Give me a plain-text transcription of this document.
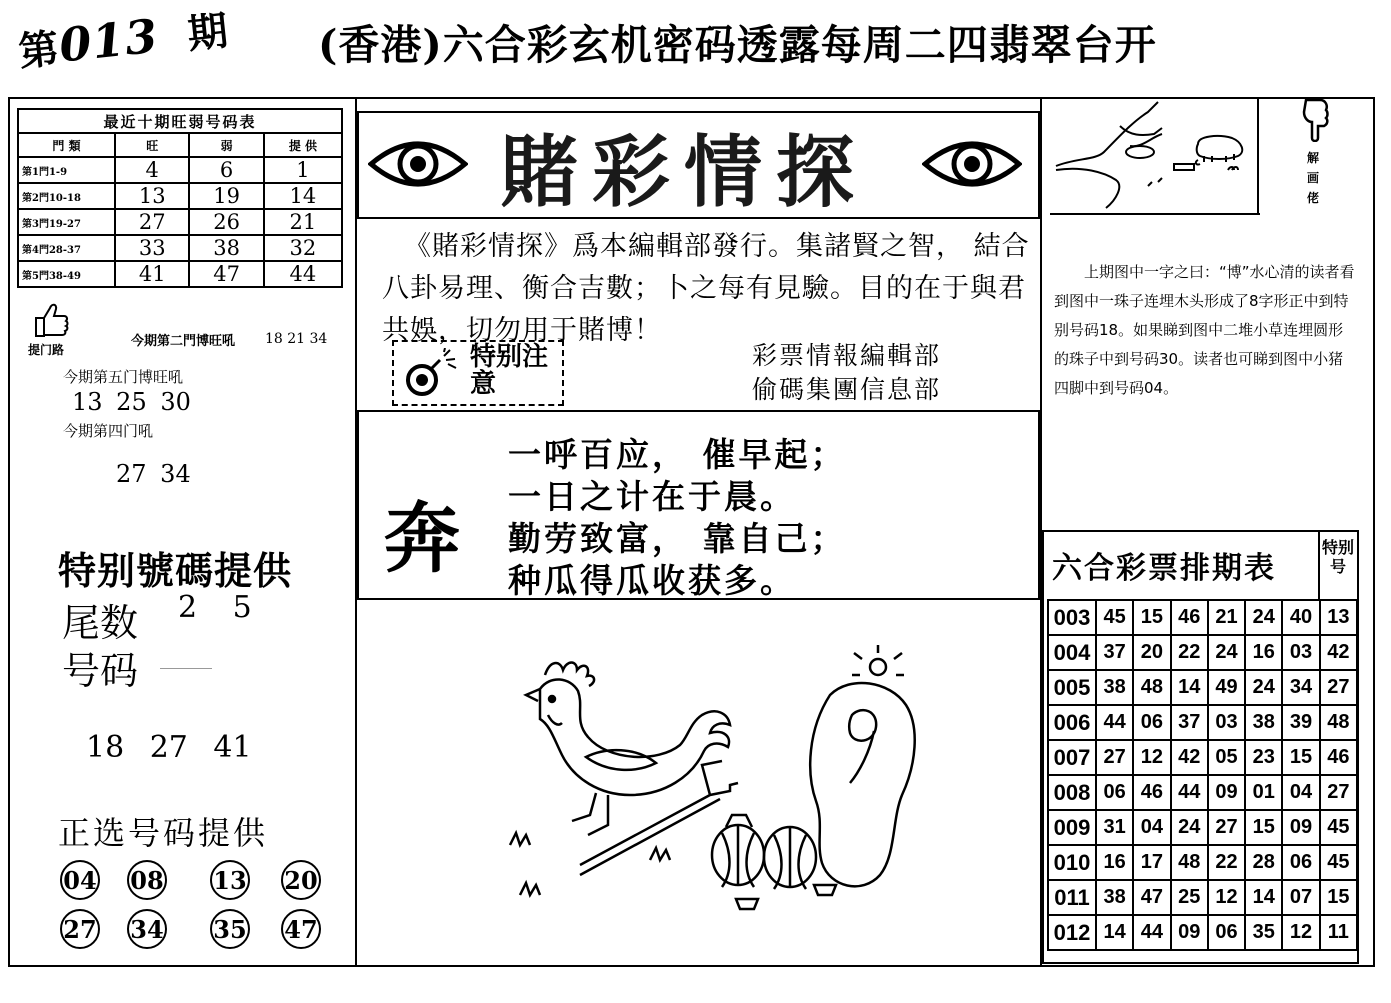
第013 期 (香港)六合彩玄机密码透露每周二四翡翠台开
最近十期旺弱号码表			
門 類	旺	弱	提 供
第1門1-9	4	6	1
第2門10-18	13	19	14
第3門19-27	27	26	21
第4門28-37	33	38	32
第5門38-49	41	47	44
提门路
今期第二門博旺吼 18 21 34
今期第五门博旺吼
13 25 30
今期第四门吼
27 34
特别號碼提供
尾数 2 5
号码
18 27 41
正选号码提供
04 08 13 20
27 34 35 47
賭彩情探
《賭彩情探》爲本編輯部發行。集諸賢之智， 結合八卦易理、衡合吉數；卜之每有見驗。目的在于與君共娛，切勿用于賭博！
特别注意
彩票情報編輯部
偷碼集團信息部
奔
一呼百应， 催早起；
一日之计在于晨。
勤劳致富， 靠自己；
种瓜得瓜收获多。
解画佬
上期图中一字之曰：“博”水心清的读者看到图中一珠子连埋木头形成了8字形正中到特别号码18。如果睇到图中二堆小草连埋圆形的珠子中到号码30。读者也可睇到图中小猪四脚中到号码04。
六合彩票排期表
特别号
003	45	15	46	21	24	40	13
004	37	20	22	24	16	03	42
005	38	48	14	49	24	34	27
006	44	06	37	03	38	39	48
007	27	12	42	05	23	15	46
008	06	46	44	09	01	04	27
009	31	04	24	27	15	09	45
010	16	17	48	22	28	06	45
011	38	47	25	12	14	07	15
012	14	44	09	06	35	12	11
